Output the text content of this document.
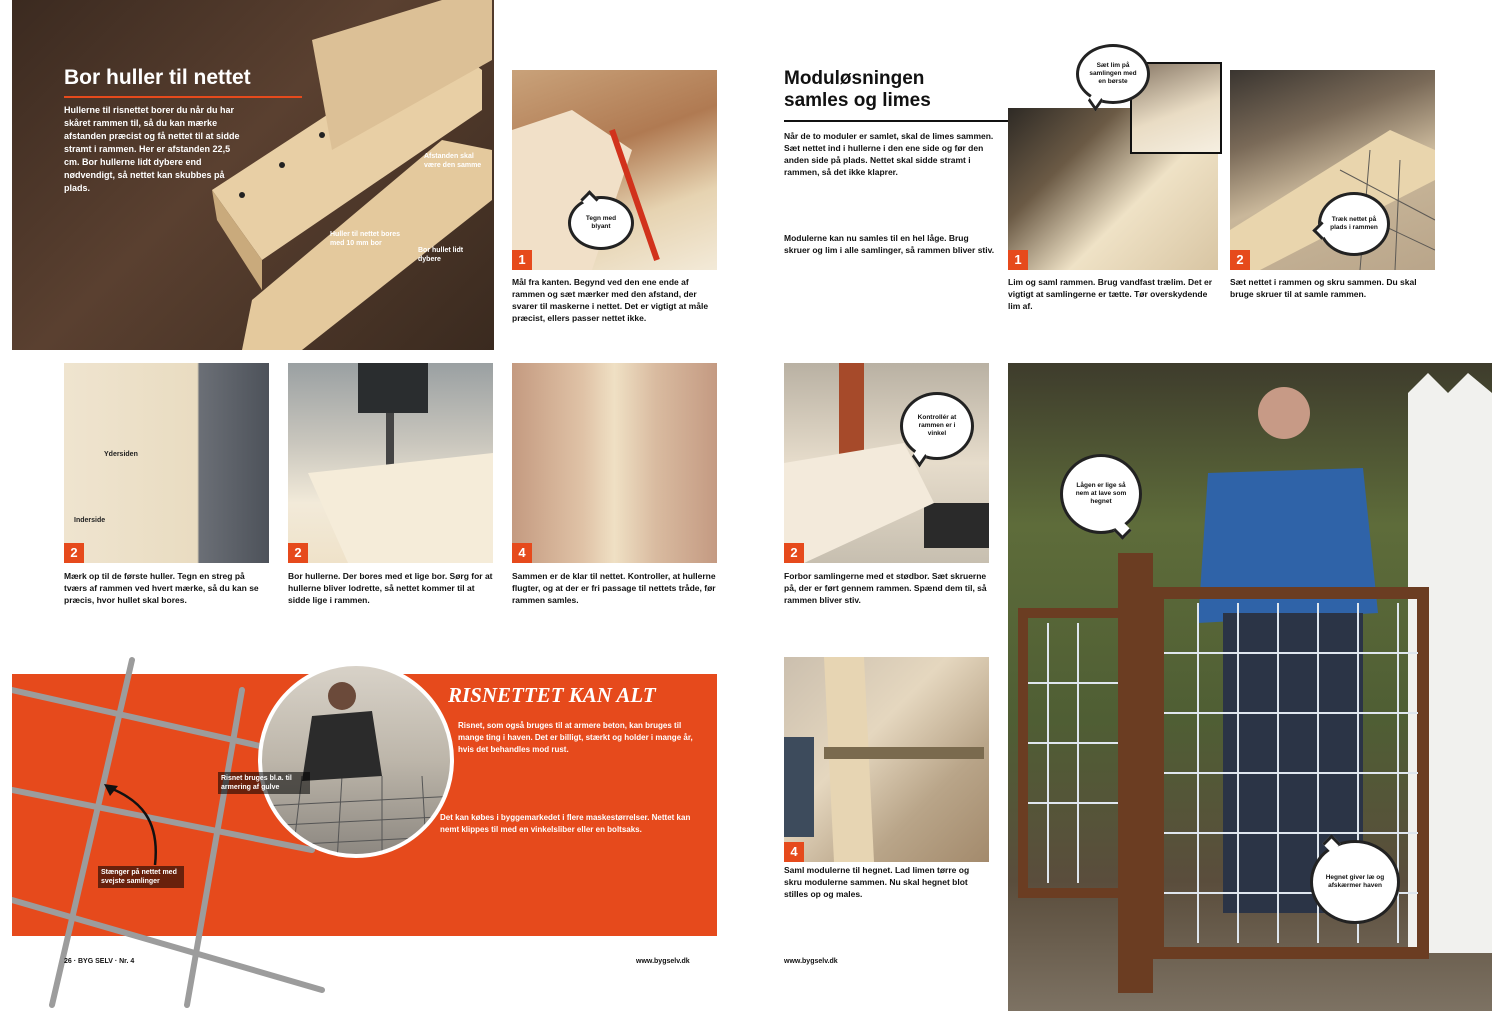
Bor huller til nettet
Hullerne til risnettet borer du når du har skåret rammen til, så du kan mærke afstanden præcist og få nettet til at sidde stramt i rammen. Her er afstanden 22,5 cm. Bor hullerne lidt dybere end nødvendigt, så nettet kan skubbes på plads.
Afstanden skal være den samme
Huller til nettet bores med 10 mm bor
Bor hullet lidt dybere	1
Tegn med blyant
Mål fra kanten. Begynd ved den ene ende af rammen og sæt mærker med den afstand, der svarer til maskerne i nettet. Det er vigtigt at måle præcist, ellers passer nettet ikke.
Ydersiden
Inderside
2
Mærk op til de første huller. Tegn en streg på tværs af rammen ved hvert mærke, så du kan se præcis, hvor hullet skal bores.
2
Bor hullerne. Der bores med et lige bor. Sørg for at hullerne bliver lodrette, så nettet kommer til at sidde lige i rammen.
4
Sammen er de klar til nettet. Kontroller, at hullerne flugter, og at der er fri passage til nettets tråde, før rammen samles.
Risnet bruges bl.a. til armering af gulve
Stænger på nettet med svejste samlinger
RISNETTET KAN ALT
Risnet, som også bruges til at armere beton, kan bruges til mange ting i haven. Det er billigt, stærkt og holder i mange år, hvis det behandles mod rust.
Det kan købes i byggemarkedet i flere maskestørrelser. Nettet kan nemt klippes til med en vinkelsliber eller en boltsaks.
26 · BYG SELV · Nr. 4	www.bygselv.dk
Moduløsningen
samles og limes
Når de to moduler er samlet, skal de limes sammen. Sæt nettet ind i hullerne i den ene side og før den anden side på plads. Nettet skal sidde stramt i rammen, så det ikke klaprer.
Modulerne kan nu samles til en hel låge. Brug skruer og lim i alle samlinger, så rammen bliver stiv.
1
Sæt lim på samlingen med en børste
Lim og saml rammen. Brug vandfast trælim. Det er vigtigt at samlingerne er tætte. Tør overskydende lim af.
2
Træk nettet på plads i rammen
Sæt nettet i rammen og skru sammen. Du skal bruge skruer til at samle rammen.
2
Kontrollér at rammen er i vinkel
Forbor samlingerne med et stødbor. Sæt skruerne på, der er ført gennem rammen. Spænd dem til, så rammen bliver stiv.
4
Saml modulerne til hegnet. Lad limen tørre og skru modulerne sammen. Nu skal hegnet blot stilles op og males.
Lågen er lige så nem at lave som hegnet
Hegnet giver læ og afskærmer haven
www.bygselv.dk
